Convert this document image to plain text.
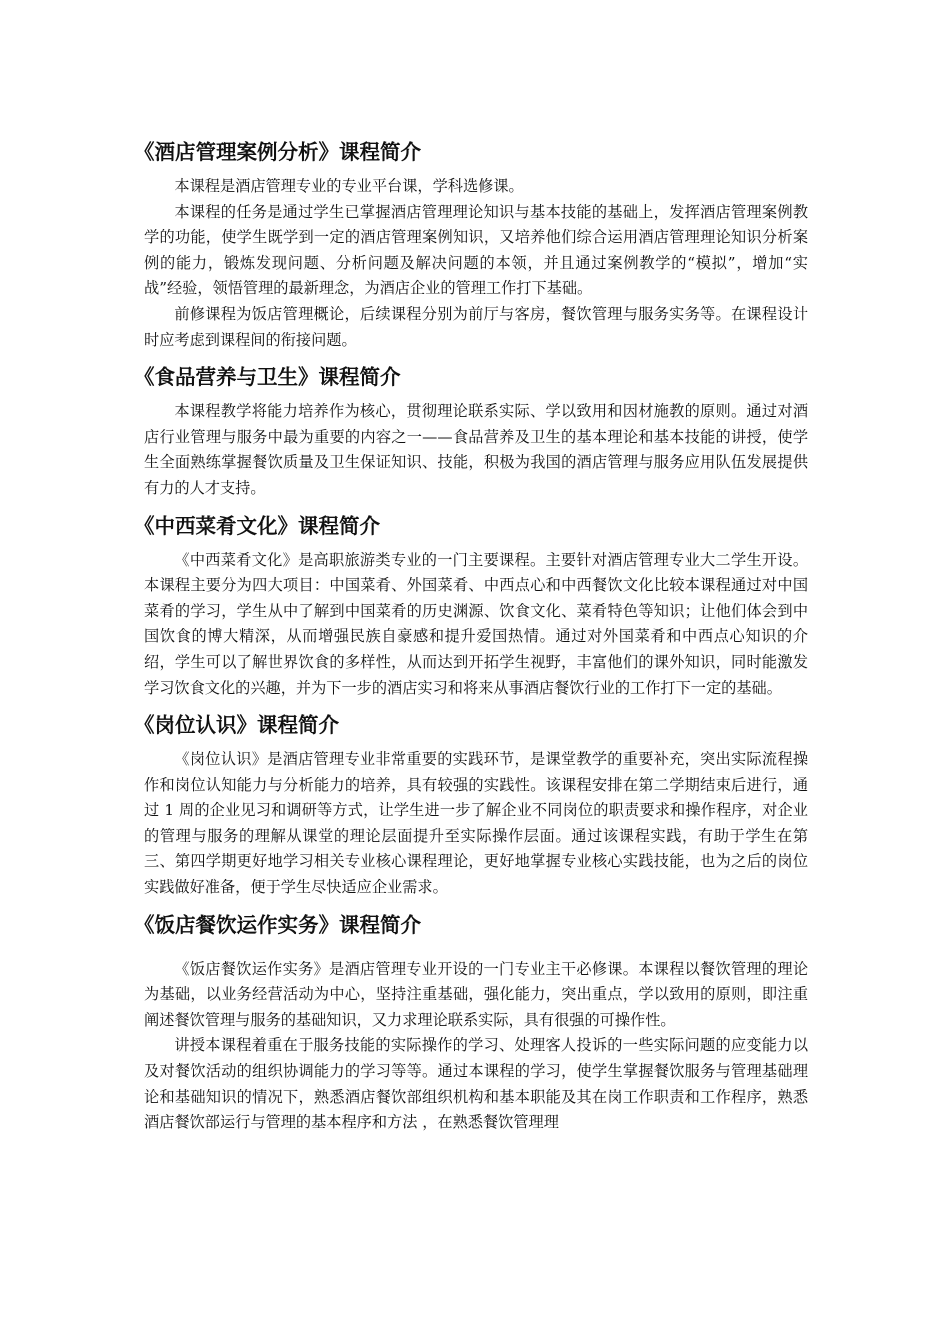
《酒店管理案例分析》课程简介

本课程是酒店管理专业的专业平台课，学科选修课。

本课程的任务是通过学生已掌握酒店管理理论知识与基本技能的基础上，发挥酒店管理案例教学的功能，使学生既学到一定的酒店管理案例知识，又培养他们综合运用酒店管理理论知识分析案例的能力，锻炼发现问题、分析问题及解决问题的本领，并且通过案例教学的“模拟”，增加“实战”经验，领悟管理的最新理念，为酒店企业的管理工作打下基础。

前修课程为饭店管理概论，后续课程分别为前厅与客房，餐饮管理与服务实务等。在课程设计时应考虑到课程间的衔接问题。

《食品营养与卫生》课程简介

本课程教学将能力培养作为核心，贯彻理论联系实际、学以致用和因材施教的原则。通过对酒店行业管理与服务中最为重要的内容之一——食品营养及卫生的基本理论和基本技能的讲授，使学生全面熟练掌握餐饮质量及卫生保证知识、技能，积极为我国的酒店管理与服务应用队伍发展提供有力的人才支持。

《中西菜肴文化》课程简介

《中西菜肴文化》是高职旅游类专业的一门主要课程。主要针对酒店管理专业大二学生开设。本课程主要分为四大项目：中国菜肴、外国菜肴、中西点心和中西餐饮文化比较本课程通过对中国菜肴的学习，学生从中了解到中国菜肴的历史渊源、饮食文化、菜肴特色等知识；让他们体会到中国饮食的博大精深，从而增强民族自豪感和提升爱国热情。通过对外国菜肴和中西点心知识的介绍，学生可以了解世界饮食的多样性，从而达到开拓学生视野，丰富他们的课外知识，同时能激发学习饮食文化的兴趣，并为下一步的酒店实习和将来从事酒店餐饮行业的工作打下一定的基础。

《岗位认识》课程简介

《岗位认识》是酒店管理专业非常重要的实践环节，是课堂教学的重要补充，突出实际流程操作和岗位认知能力与分析能力的培养，具有较强的实践性。该课程安排在第二学期结束后进行，通过 1 周的企业见习和调研等方式，让学生进一步了解企业不同岗位的职责要求和操作程序，对企业的管理与服务的理解从课堂的理论层面提升至实际操作层面。通过该课程实践，有助于学生在第三、第四学期更好地学习相关专业核心课程理论，更好地掌握专业核心实践技能，也为之后的岗位实践做好准备，便于学生尽快适应企业需求。

《饭店餐饮运作实务》课程简介

《饭店餐饮运作实务》是酒店管理专业开设的一门专业主干必修课。本课程以餐饮管理的理论为基础，以业务经营活动为中心，坚持注重基础，强化能力，突出重点，学以致用的原则，即注重阐述餐饮管理与服务的基础知识，又力求理论联系实际，具有很强的可操作性。

讲授本课程着重在于服务技能的实际操作的学习、处理客人投诉的一些实际问题的应变能力以及对餐饮活动的组织协调能力的学习等等。通过本课程的学习，使学生掌握餐饮服务与管理基础理论和基础知识的情况下，熟悉酒店餐饮部组织机构和基本职能及其在岗工作职责和工作程序，熟悉酒店餐饮部运行与管理的基本程序和方法 ，在熟悉餐饮管理理
